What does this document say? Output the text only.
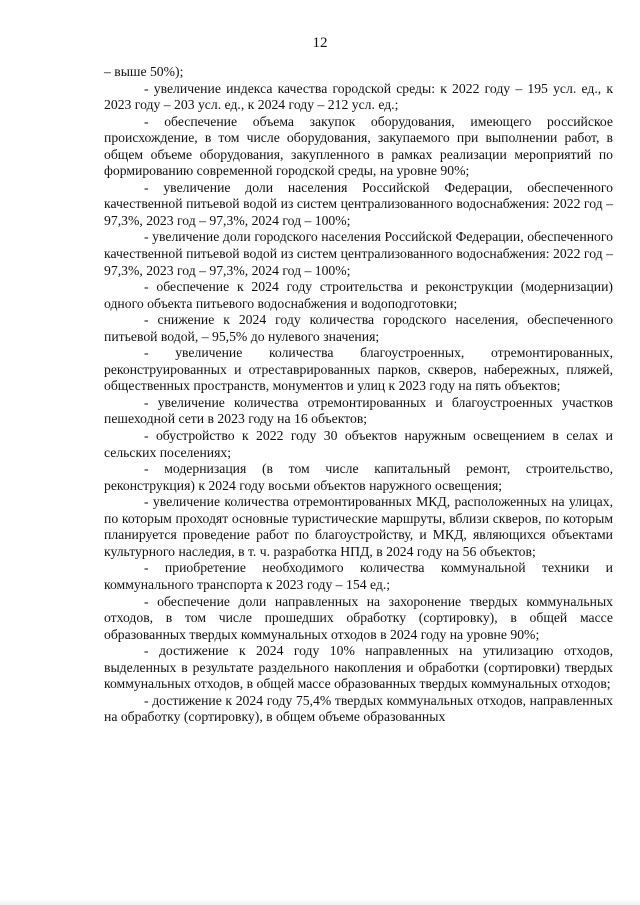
12

– выше 50%);

- увеличение индекса качества городской среды: к 2022 году – 195 усл. ед., к 2023 году – 203 усл. ед., к 2024 году – 212 усл. ед.;

- обеспечение объема закупок оборудования, имеющего российское происхождение, в том числе оборудования, закупаемого при выполнении работ, в общем объеме оборудования, закупленного в рамках реализации мероприятий по формированию современной городской среды, на уровне 90%;

- увеличение доли населения Российской Федерации, обеспеченного качественной питьевой водой из систем централизованного водоснабжения: 2022 год – 97,3%, 2023 год – 97,3%, 2024 год – 100%;

- увеличение доли городского населения Российской Федерации, обеспеченного качественной питьевой водой из систем централизованного водоснабжения: 2022 год – 97,3%, 2023 год – 97,3%, 2024 год – 100%;

- обеспечение к 2024 году строительства и реконструкции (модернизации) одного объекта питьевого водоснабжения и водоподготовки;

- снижение к 2024 году количества городского населения, обеспеченного питьевой водой, – 95,5% до нулевого значения;

- увеличение количества благоустроенных, отремонтированных, реконструированных и отреставрированных парков, скверов, набережных, пляжей, общественных пространств, монументов и улиц к 2023 году на пять объектов;

- увеличение количества отремонтированных и благоустроенных участков пешеходной сети в 2023 году на 16 объектов;

- обустройство к 2022 году 30 объектов наружным освещением в селах и сельских поселениях;

- модернизация (в том числе капитальный ремонт, строительство, реконструкция) к 2024 году восьми объектов наружного освещения;

- увеличение количества отремонтированных МКД, расположенных на улицах, по которым проходят основные туристические маршруты, вблизи скверов, по которым планируется проведение работ по благоустройству, и МКД, являющихся объектами культурного наследия, в т. ч. разработка НПД, в 2024 году на 56 объектов;

- приобретение необходимого количества коммунальной техники и коммунального транспорта к 2023 году – 154 ед.;

- обеспечение доли направленных на захоронение твердых коммунальных отходов, в том числе прошедших обработку (сортировку), в общей массе образованных твердых коммунальных отходов в 2024 году на уровне 90%;

- достижение к 2024 году 10% направленных на утилизацию отходов, выделенных в результате раздельного накопления и обработки (сортировки) твердых коммунальных отходов, в общей массе образованных твердых коммунальных отходов;

- достижение к 2024 году 75,4% твердых коммунальных отходов, направленных на обработку (сортировку), в общем объеме образованных
